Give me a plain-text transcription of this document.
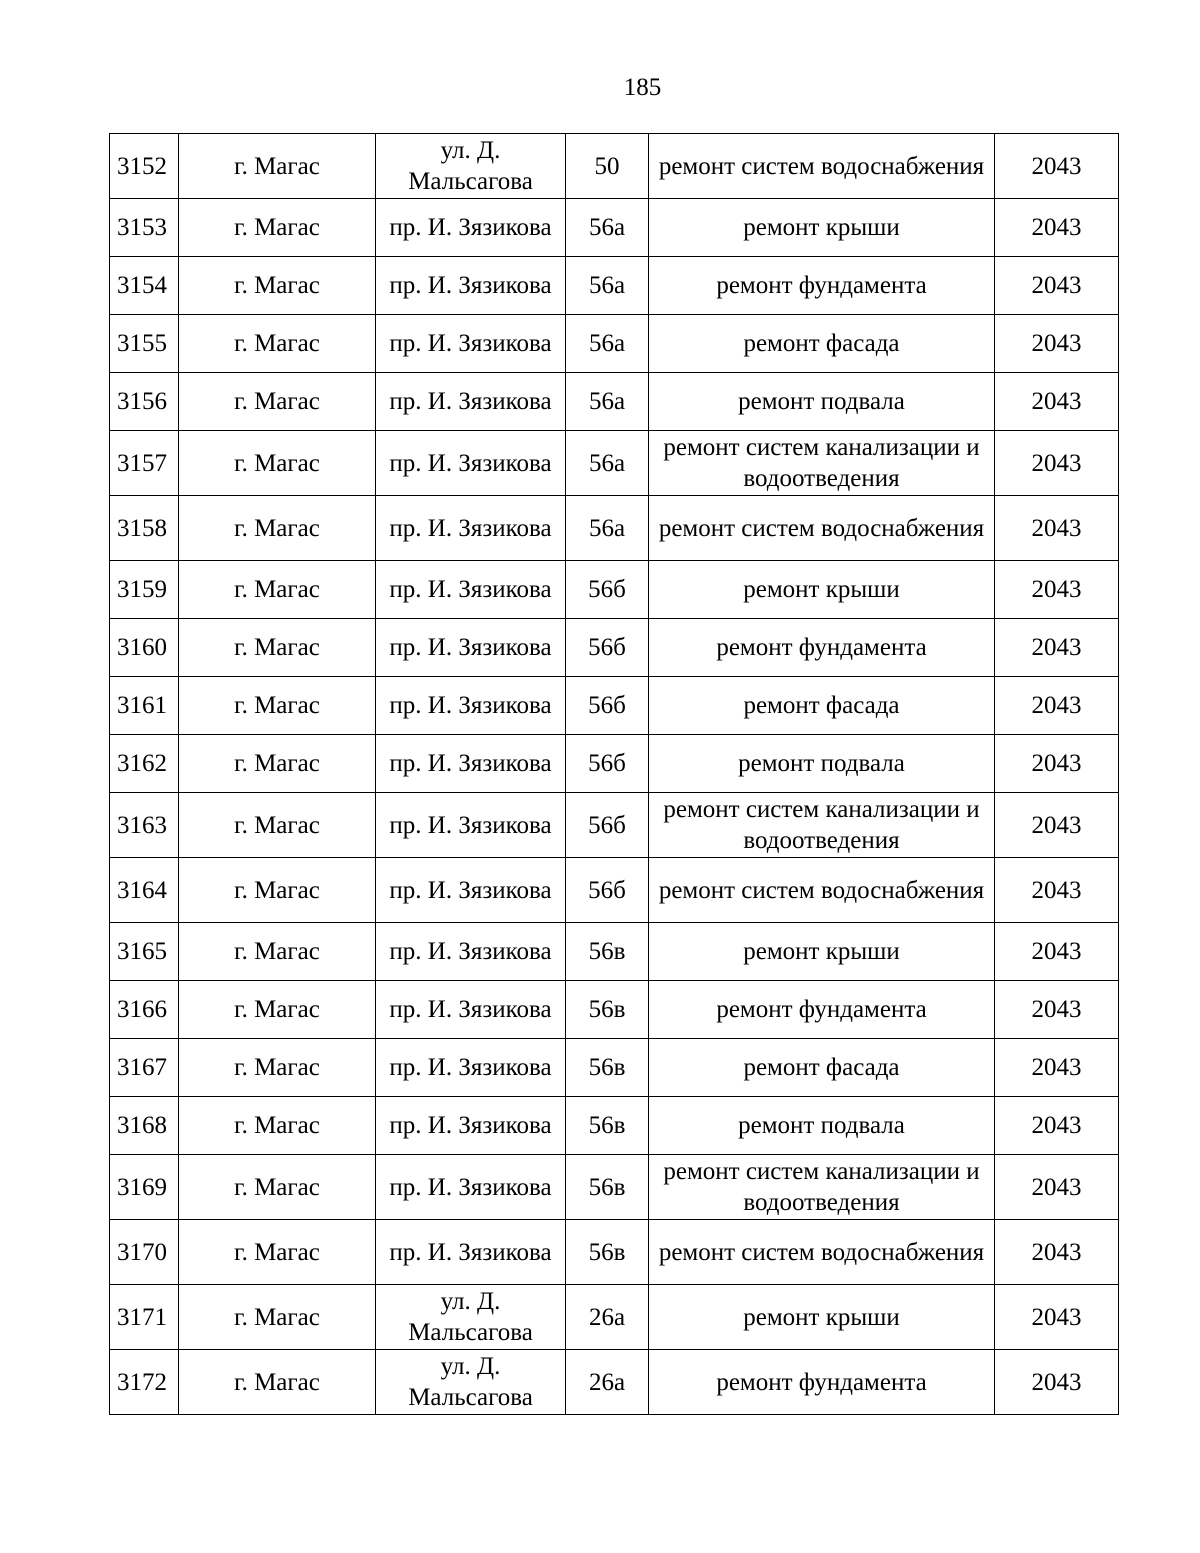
185
3152	г. Магас	ул. Д. Мальсагова	50	ремонт систем водоснабжения	2043
3153	г. Магас	пр. И. Зязикова	56а	ремонт крыши	2043
3154	г. Магас	пр. И. Зязикова	56а	ремонт фундамента	2043
3155	г. Магас	пр. И. Зязикова	56а	ремонт фасада	2043
3156	г. Магас	пр. И. Зязикова	56а	ремонт подвала	2043
3157	г. Магас	пр. И. Зязикова	56а	ремонт систем канализации и водоотведения	2043
3158	г. Магас	пр. И. Зязикова	56а	ремонт систем водоснабжения	2043
3159	г. Магас	пр. И. Зязикова	56б	ремонт крыши	2043
3160	г. Магас	пр. И. Зязикова	56б	ремонт фундамента	2043
3161	г. Магас	пр. И. Зязикова	56б	ремонт фасада	2043
3162	г. Магас	пр. И. Зязикова	56б	ремонт подвала	2043
3163	г. Магас	пр. И. Зязикова	56б	ремонт систем канализации и водоотведения	2043
3164	г. Магас	пр. И. Зязикова	56б	ремонт систем водоснабжения	2043
3165	г. Магас	пр. И. Зязикова	56в	ремонт крыши	2043
3166	г. Магас	пр. И. Зязикова	56в	ремонт фундамента	2043
3167	г. Магас	пр. И. Зязикова	56в	ремонт фасада	2043
3168	г. Магас	пр. И. Зязикова	56в	ремонт подвала	2043
3169	г. Магас	пр. И. Зязикова	56в	ремонт систем канализации и водоотведения	2043
3170	г. Магас	пр. И. Зязикова	56в	ремонт систем водоснабжения	2043
3171	г. Магас	ул. Д. Мальсагова	26а	ремонт крыши	2043
3172	г. Магас	ул. Д. Мальсагова	26а	ремонт фундамента	2043
